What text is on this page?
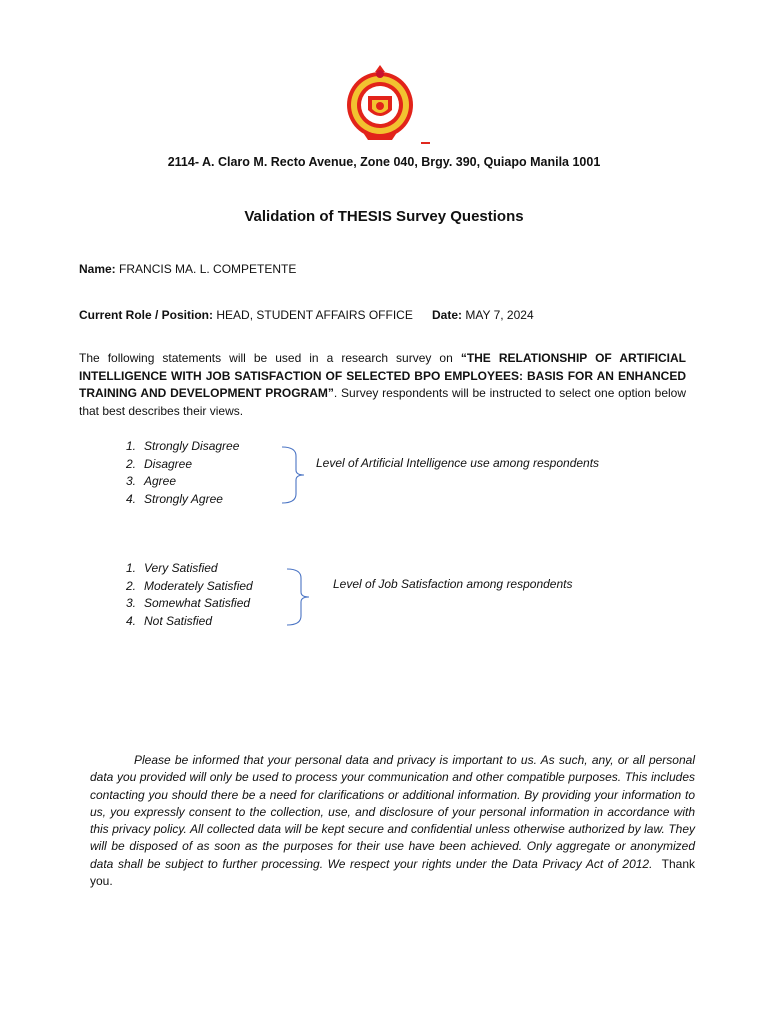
2114- A. Claro M. Recto Avenue, Zone 040, Brgy. 390, Quiapo Manila 1001
Validation of THESIS Survey Questions
Name: FRANCIS MA. L. COMPETENTE
Current Role / Position: HEAD, STUDENT AFFAIRS OFFICE Date: MAY 7, 2024
The following statements will be used in a research survey on “THE RELATIONSHIP OF ARTIFICIAL INTELLIGENCE WITH JOB SATISFACTION OF SELECTED BPO EMPLOYEES: BASIS FOR AN ENHANCED TRAINING AND DEVELOPMENT PROGRAM”. Survey respondents will be instructed to select one option below that best describes their views.
1. Strongly Disagree
2. Disagree
3. Agree
4. Strongly Agree
Level of Artificial Intelligence use among respondents
1. Very Satisfied
2. Moderately Satisfied
3. Somewhat Satisfied
4. Not Satisfied
Level of Job Satisfaction among respondents
Please be informed that your personal data and privacy is important to us. As such, any, or all personal data you provided will only be used to process your communication and other compatible purposes. This includes contacting you should there be a need for clarifications or additional information. By providing your information to us, you expressly consent to the collection, use, and disclosure of your personal information in accordance with this privacy policy. All collected data will be kept secure and confidential unless otherwise authorized by law. They will be disposed of as soon as the purposes for their use have been achieved. Only aggregate or anonymized data shall be subject to further processing. We respect your rights under the Data Privacy Act of 2012. Thank you.
